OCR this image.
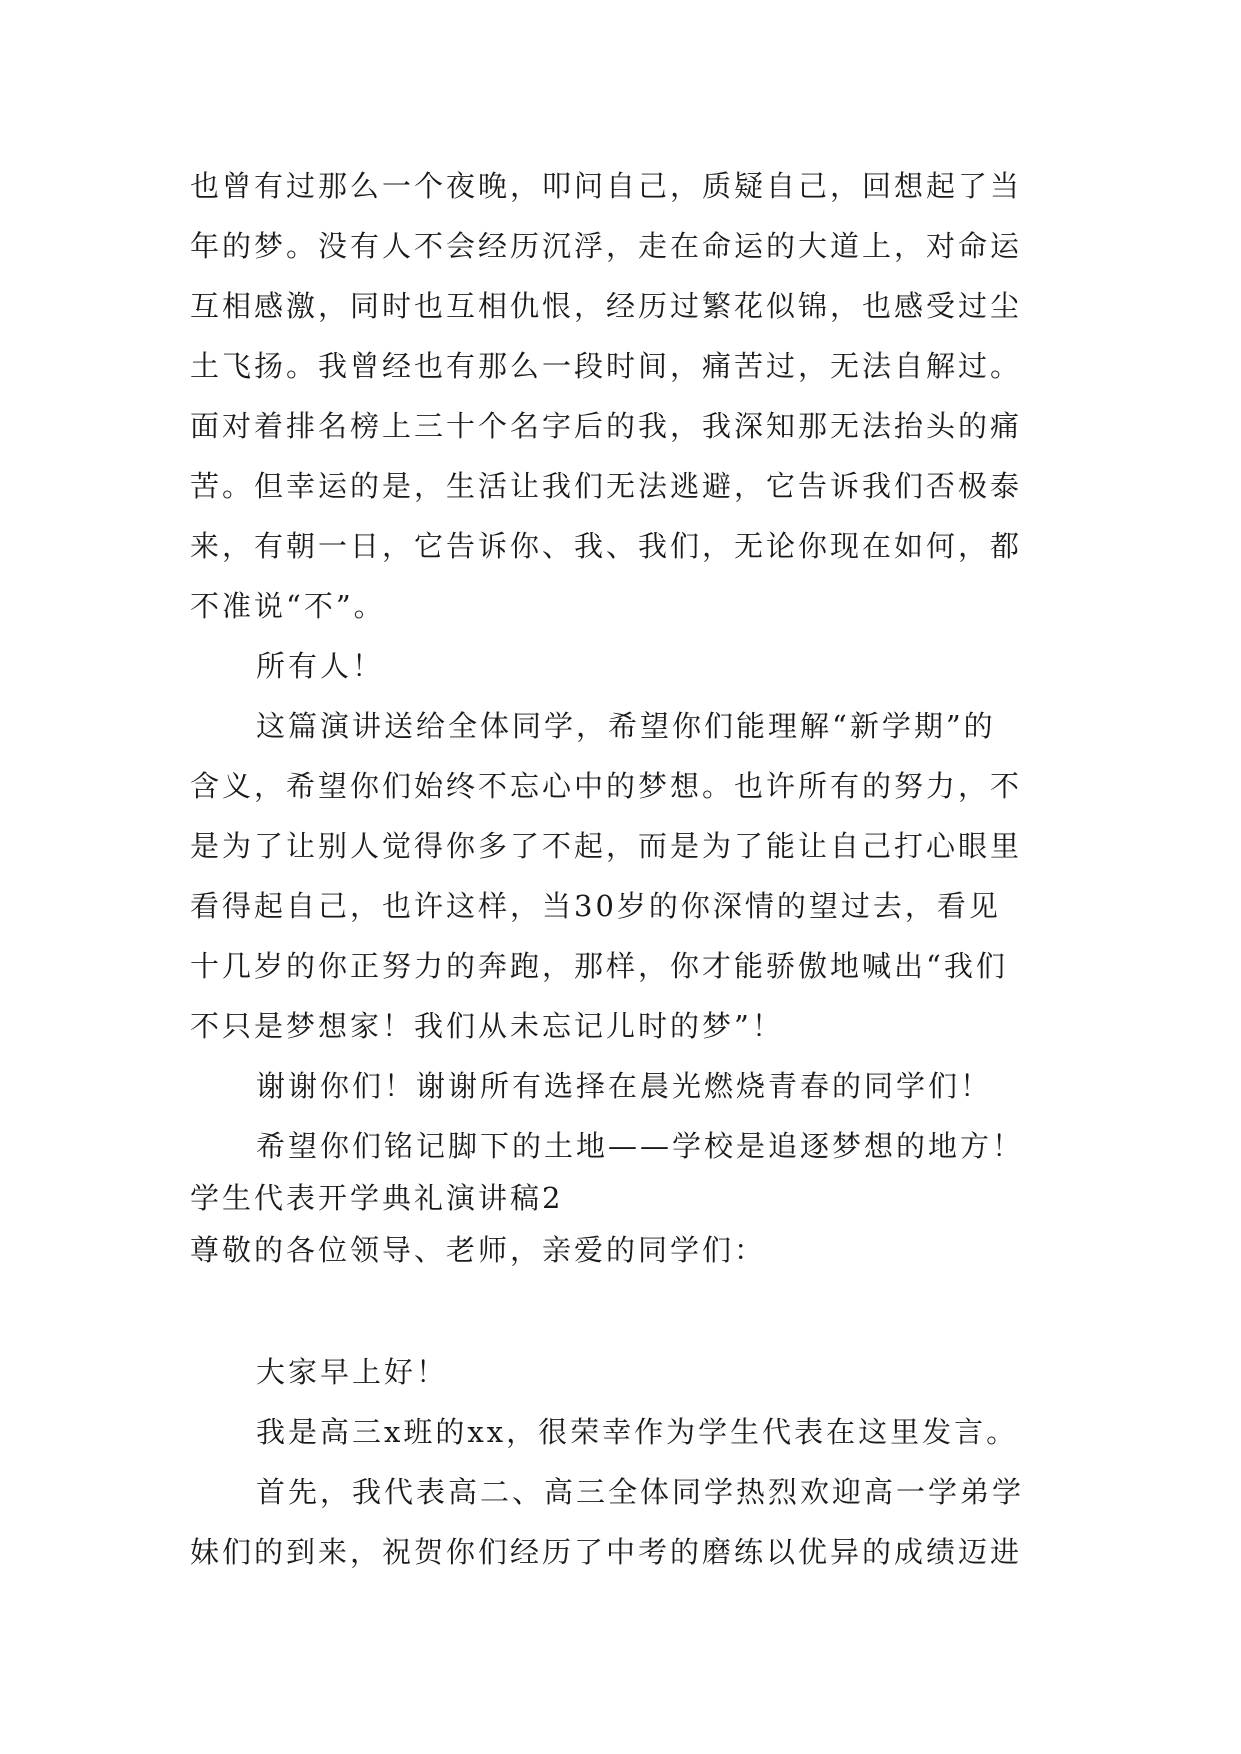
也曾有过那么一个夜晚，叩问自己，质疑自己，回想起了当
年的梦。没有人不会经历沉浮，走在命运的大道上，对命运
互相感激，同时也互相仇恨，经历过繁花似锦，也感受过尘
土飞扬。我曾经也有那么一段时间，痛苦过，无法自解过。
面对着排名榜上三十个名字后的我，我深知那无法抬头的痛
苦。但幸运的是，生活让我们无法逃避，它告诉我们否极泰
来，有朝一日，它告诉你、我、我们，无论你现在如何，都
不准说“不”。
所有人！
这篇演讲送给全体同学，希望你们能理解“新学期”的
含义，希望你们始终不忘心中的梦想。也许所有的努力，不
是为了让别人觉得你多了不起，而是为了能让自己打心眼里
看得起自己，也许这样，当30岁的你深情的望过去，看见
十几岁的你正努力的奔跑，那样，你才能骄傲地喊出“我们
不只是梦想家！我们从未忘记儿时的梦”！
谢谢你们！谢谢所有选择在晨光燃烧青春的同学们！
希望你们铭记脚下的土地——学校是追逐梦想的地方！
学生代表开学典礼演讲稿2
尊敬的各位领导、老师，亲爱的同学们：
大家早上好！
我是高三x班的xx，很荣幸作为学生代表在这里发言。
首先，我代表高二、高三全体同学热烈欢迎高一学弟学
妹们的到来，祝贺你们经历了中考的磨练以优异的成绩迈进
